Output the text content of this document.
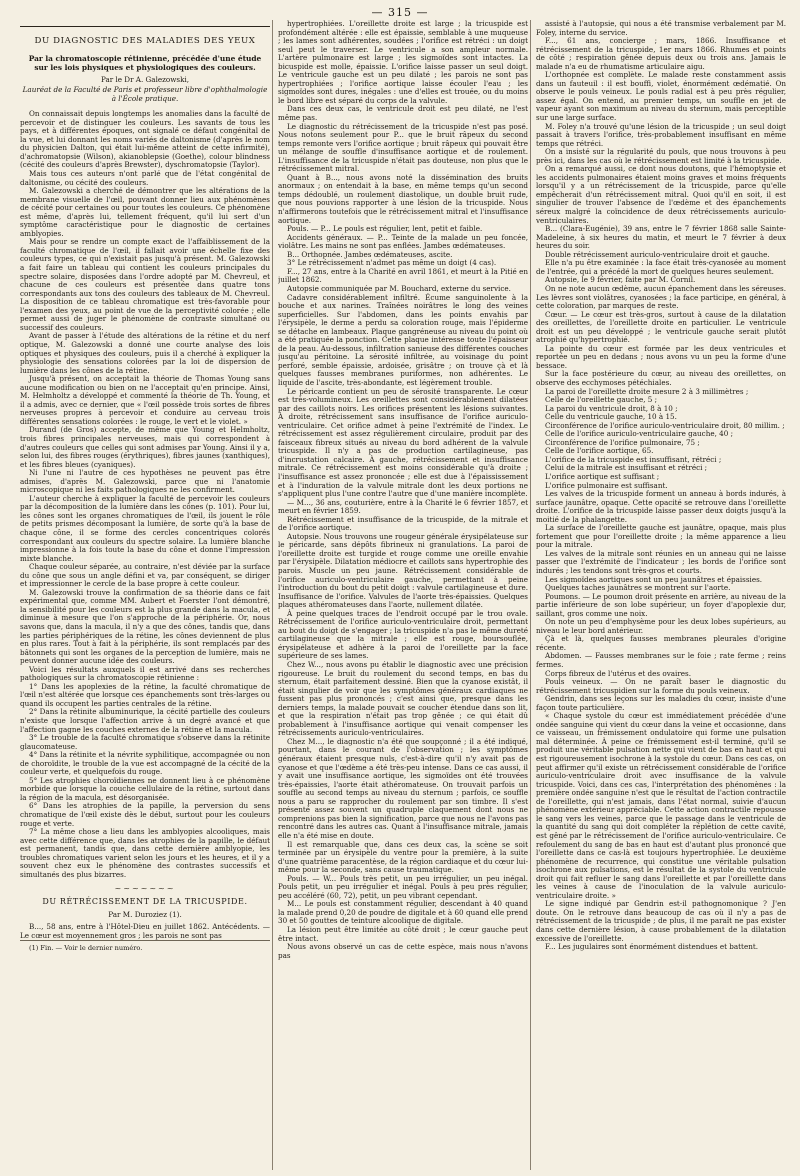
— 315 —
DU DIAGNOSTIC DES MALADIES DES YEUX
Par la chromatoscopie rétinienne, précédée d'une étude sur les lois physiques et physiologiques des couleurs.
Par le Dr A. Galezowski,
Lauréat de la Faculté de Paris et professeur libre d'ophthalmologie à l'École pratique.

On connaissait depuis longtemps les anomalies dans la faculté de percevoir et de distinguer les couleurs. Les savants de tous les pays, et à différentes époques, ont signalé ce défaut congénital de la vue, et lui donnant les noms variés de daltonisme (d'après le nom du physicien Dalton, qui était lui-même atteint de cette infirmité), d'achromatopsie (Wilson), akianoblepsie (Goethe), colour blindness (cécité des couleurs d'après Brewster), dyschromatopsie (Taylor).

Mais tous ces auteurs n'ont parlé que de l'état congénital de daltonisme, ou cécité des couleurs.

M. Galezowski a cherché de démontrer que les altérations de la membrane visuelle de l'œil, pouvant donner lieu aux phénomènes de cécité pour certaines ou pour toutes les couleurs. Ce phénomène est même, d'après lui, tellement fréquent, qu'il lui sert d'un symptôme caractéristique pour le diagnostic de certaines amblyopies.

Mais pour se rendre un compte exact de l'affaiblissement de la faculté chromatique de l'œil, il fallait avoir une échelle fixe des couleurs types, ce qui n'existait pas jusqu'à présent. M. Galezowski a fait faire un tableau qui contient les couleurs principales du spectre solaire, disposées dans l'ordre adopté par M. Chevreul, et chacune de ces couleurs est présentée dans quatre tons correspondants aux tons des couleurs des tableaux de M. Chevreul. La disposition de ce tableau chromatique est très-favorable pour l'examen des yeux, au point de vue de la perceptivité colorée ; elle permet aussi de juger le phénomène de contraste simultané ou successif des couleurs.

Avant de passer à l'étude des altérations de la rétine et du nerf optique, M. Galezowski a donné une courte analyse des lois optiques et physiques des couleurs, puis il a cherché à expliquer la physiologie des sensations colorées par la loi de dispersion de lumière dans les cônes de la rétine.

Jusqu'à présent, on acceptait la théorie de Thomas Young sans aucune modification ou bien on ne l'acceptait qu'en principe. Ainsi, M. Helmholtz a développé et commenté la théorie de Th. Young, et il a admis, avec ce dernier, que « l'œil possède trois sortes de fibres nerveuses propres à percevoir et conduire au cerveau trois différentes sensations colorées : le rouge, le vert et le violet. »

Durand (de Gros) accepte, de même que Young et Helmholtz, trois fibres principales nerveuses, mais qui correspondent à d'autres couleurs que celles qui sont admises par Young. Ainsi il y a, selon lui, des fibres rouges (érythriques), fibres jaunes (xanthiques), et les fibres bleues (cyaniques).

Ni l'une ni l'autre de ces hypothèses ne peuvent pas être admises, d'après M. Galezowski, parce que ni l'anatomie microscopique ni les faits pathologiques ne les confirment.

L'auteur cherche à expliquer la faculté de percevoir les couleurs par la décomposition de la lumière dans les cônes (p. 101). Pour lui, les cônes sont les organes chromatiques de l'œil, ils jouent le rôle de petits prismes décomposant la lumière, de sorte qu'à la base de chaque cône, il se forme des cercles concentriques colorés correspondant aux couleurs du spectre solaire. La lumière blanche impressionne à la fois toute la base du cône et donne l'impression mixte blanche.

Chaque couleur séparée, au contraire, n'est déviée par la surface du cône que sous un angle défini et va, par conséquent, se diriger et impressionner le cercle de la base propre à cette couleur.

M. Galezowski trouve la confirmation de sa théorie dans ce fait expérimental que, comme MM. Aubert et Foerster l'ont démontré, la sensibilité pour les couleurs est la plus grande dans la macula, et diminue à mesure que l'on s'approche de la périphérie. Or, nous savons que, dans la macula, il n'y a que des cônes, tandis que, dans les parties périphériques de la rétine, les cônes deviennent de plus en plus rares. Tout à fait à la périphérie, ils sont remplacés par des bâtonnets qui sont les organes de la perception de lumière, mais ne peuvent donner aucune idée des couleurs.

Voici les résultats auxquels il est arrivé dans ses recherches pathologiques sur la chromatoscopie rétinienne :

1° Dans les apoplexies de la rétine, la faculté chromatique de l'œil n'est altérée que lorsque ces épanchements sont très-larges ou quand ils occupent les parties centrales de la rétine.

2° Dans la rétinite albuminurique, la cécité partielle des couleurs n'existe que lorsque l'affection arrive à un degré avancé et que l'affection gagne les couches externes de la rétine et la macula.

3° Le trouble de la faculté chromatique s'observe dans la rétinite glaucomateuse.

4° Dans la rétinite et la névrite syphilitique, accompagnée ou non de choroïdite, le trouble de la vue est accompagné de la cécité de la couleur verte, et quelquefois du rouge.

5° Les atrophies choroïdiennes ne donnent lieu à ce phénomène morbide que lorsque la couche cellulaire de la rétine, surtout dans la région de la macula, est désorganisée.

6° Dans les atrophies de la papille, la perversion du sens chromatique de l'œil existe dès le début, surtout pour les couleurs rouge et verte.

7° La même chose a lieu dans les amblyopies alcooliques, mais avec cette différence que, dans les atrophies de la papille, le défaut est permanent, tandis que, dans cette dernière amblyopie, les troubles chromatiques varient selon les jours et les heures, et il y a souvent chez eux le phénomène des contrastes successifs et simultanés des plus bizarres.

~~~~~~~
DU RÉTRÉCISSEMENT DE LA TRICUSPIDE.
Par M. Duroziez (1).

B..., 58 ans, entre à l'Hôtel-Dieu en juillet 1862. Antécédents. — Le cœur est moyennement gros ; les parois ne sont pas

(1) Fin. — Voir le dernier numéro.

hypertrophiées. L'oreillette droite est large ; la tricuspide est profondément altérée : elle est épaissie, semblable à une muqueuse ; les lames sont adhérentes, soudées ; l'orifice est rétréci : un doigt seul peut le traverser. Le ventricule a son ampleur normale. L'artère pulmonaire est large ; les sigmoïdes sont intactes. La bicuspide est molle, épaissie. L'orifice laisse passer un seul doigt. Le ventricule gauche est un peu dilaté ; les parois ne sont pas hypertrophiées ; l'orifice aortique laisse écouler l'eau ; les sigmoïdes sont dures, inégales : une d'elles est trouée, ou du moins le bord libre est séparé du corps de la valvule.

Dans ces deux cas, le ventricule droit est peu dilaté, ne l'est même pas.

Le diagnostic du rétrécissement de la tricuspide n'est pas posé. Nous notons seulement pour P... que le bruit râpeux du second temps remonte vers l'orifice aortique ; bruit râpeux qui pouvait être un mélange de souffle d'insuffisance aortique et de roulement. L'insuffisance de la tricuspide n'était pas douteuse, non plus que le rétrécissement mitral.

Quant à B..., nous avons noté la dissémination des bruits anormaux ; on entendait à la base, en même temps qu'un second temps dédoublé, un roulement diastolique, un double bruit rude, que nous pouvions rapporter à une lésion de la tricuspide. Nous n'affirmerons toutefois que le rétrécissement mitral et l'insuffisance aortique.

Pouls. — P... Le pouls est régulier, lent, petit et faible.

Accidents généraux. — P... Teinte de la malade un peu foncée, violâtre. Les mains ne sont pas enflées. Jambes œdémateuses.

B... Orthopnée. Jambes œdémateuses, ascite.

3° Le rétrécissement n'admet pas même un doigt (4 cas).

F..., 27 ans, entre à la Charité en avril 1861, et meurt à la Pitié en juillet 1862.

Autopsie communiquée par M. Bouchard, externe du service.

Cadavre considérablement infiltré. Écume sanguinolente à la bouche et aux narines. Traînées noirâtres le long des veines superficielles. Sur l'abdomen, dans les points envahis par l'érysipèle, le derme a perdu sa coloration rouge, mais l'épiderme se détache en lambeaux. Plaque gangréneuse au niveau du point où a été pratiquée la ponction. Cette plaque intéresse toute l'épaisseur de la peau. Au-dessous, infiltration sanieuse des différentes couches jusqu'au péritoine. La sérosité infiltrée, au voisinage du point perforé, semble épaissie, ardoisée, grisâtre ; on trouve çà et là quelques fausses membranes puriformes, non adhérentes. Le liquide de l'ascite, très-abondante, est légèrement trouble.

Le péricarde contient un peu de sérosité transparente. Le cœur est très-volumineux. Les oreillettes sont considérablement dilatées par des caillots noirs. Les orifices présentent les lésions suivantes. À droite, rétrécissement sans insuffisance de l'orifice auriculo-ventriculaire. Cet orifice admet à peine l'extrémité de l'index. Le rétrécissement est assez régulièrement circulaire, produit par des faisceaux fibreux situés au niveau du bord adhérent de la valvule tricuspide. Il n'y a pas de production cartilagineuse, pas d'incrustation calcaire. À gauche, rétrécissement et insuffisance mitrale. Ce rétrécissement est moins considérable qu'à droite ; l'insuffisance est assez prononcée ; elle est due à l'épaississement et à l'induration de la valvule mitrale dont les deux portions ne s'appliquent plus l'une contre l'autre que d'une manière incomplète.

— M..., 36 ans, couturière, entre à la Charité le 6 février 1857, et meurt en février 1859.

Rétrécissement et insuffisance de la tricuspide, de la mitrale et de l'orifice aortique.

Autopsie. Nous trouvons une rougeur générale érysipélateuse sur le péricarde, sans dépôts fibrineux ni granulations. La paroi de l'oreillette droite est turgide et rouge comme une oreille envahie par l'érysipèle. Dilatation médiocre et caillots sans hypertrophie des parois. Muscle un peu jaune. Rétrécissement considérable de l'orifice auriculo-ventriculaire gauche, permettant à peine l'introduction du bout du petit doigt : valvule cartilagineuse et dure. Insuffisance de l'orifice. Valvules de l'aorte très-épaissies. Quelques plaques athéromateuses dans l'aorte, nullement dilatée.

À peine quelques traces de l'endroit occupé par le trou ovale. Rétrécissement de l'orifice auriculo-ventriculaire droit, permettant au bout du doigt de s'engager ; la tricuspide n'a pas le même dureté cartilagineuse que la mitrale ; elle est rouge, boursouflée, érysipélateuse et adhère à la paroi de l'oreillette par la face supérieure de ses lames.

Chez W..., nous avons pu établir le diagnostic avec une précision rigoureuse. Le bruit du roulement du second temps, en bas du sternum, était parfaitement dessiné. Bien que la cyanose existât, il était singulier de voir que les symptômes généraux cardiaques ne fussent pas plus prononcés ; c'est ainsi que, presque dans les derniers temps, la malade pouvait se coucher étendue dans son lit, et que la respiration n'était pas trop gênée ; ce qui était dû probablement à l'insuffisance aortique qui venait compenser les rétrécissements auriculo-ventriculaires.

Chez M..., le diagnostic n'a été que soupçonné ; il a été indiqué, pourtant, dans le courant de l'observation ; les symptômes généraux étaient presque nuls, c'est-à-dire qu'il n'y avait pas de cyanose et que l'œdème a été très-peu intense. Dans ce cas aussi, il y avait une insuffisance aortique, les sigmoïdes ont été trouvées très-épaissies, l'aorte était athéromateuse. On trouvait parfois un souffle au second temps au niveau du sternum ; parfois, ce souffle nous a paru se rapprocher du roulement par son timbre. Il s'est présenté assez souvent un quadruple claquement dont nous ne comprenions pas bien la signification, parce que nous ne l'avons pas rencontré dans les autres cas. Quant à l'insuffisance mitrale, jamais elle n'a été mise en doute.

Il est remarquable que, dans ces deux cas, la scène se soit terminée par un érysipèle du ventre pour la première, à la suite d'une quatrième paracentèse, de la région cardiaque et du cœur lui-même pour la seconde, sans cause traumatique.

Pouls. — W... Pouls très petit, un peu irrégulier, un peu inégal. Pouls petit, un peu irrégulier et inégal. Pouls à peu près régulier, peu accéléré (60, 72), petit, un peu vibrant cependant.

M... Le pouls est constamment régulier, descendant à 40 quand la malade prend 0,20 de poudre de digitale et à 60 quand elle prend 30 et 50 gouttes de teinture alcoolique de digitale.

La lésion peut être limitée au côté droit ; le cœur gauche peut être intact.

Nous avons observé un cas de cette espèce, mais nous n'avons pas

assisté à l'autopsie, qui nous a été transmise verbalement par M. Foley, interne du service.

F..., 61 ans, concierge ; mars, 1866. Insuffisance et rétrécissement de la tricuspide, 1er mars 1866. Rhumes et points de côté ; respiration gênée depuis deux ou trois ans. Jamais le malade n'a eu de rhumatisme articulaire aigu.

L'orthopnée est complète. Le malade reste constamment assis dans un fauteuil : il est bouffi, violet, énormément œdématié. On observe le pouls veineux. Le pouls radial est à peu près régulier, assez égal. On entend, au premier temps, un souffle en jet de vapeur ayant son maximum au niveau du sternum, mais perceptible sur une large surface.

M. Foley n'a trouvé qu'une lésion de la tricuspide ; un seul doigt passait à travers l'orifice, très-probablement insuffisant en même temps que rétréci.

On a insisté sur la régularité du pouls, que nous trouvons à peu près ici, dans les cas où le rétrécissement est limité à la tricuspide.

On a remarqué aussi, ce dont nous doutons, que l'hémoptysie et les accidents pulmonaires étaient moins graves et moins fréquents lorsqu'il y a un rétrécissement de la tricuspide, parce qu'elle empêcherait d'un rétrécissement mitral. Quoi qu'il en soit, il est singulier de trouver l'absence de l'œdème et des épanchements séreux malgré la coïncidence de deux rétrécissements auriculo-ventriculaires.

B... (Clara-Eugénie), 39 ans, entre le 7 février 1868 salle Sainte-Madeleine, à six heures du matin, et meurt le 7 février à deux heures du soir.

Double rétrécissement auriculo-ventriculaire droit et gauche.

Elle n'a pu être examinée : la face était très-cyanosée au moment de l'entrée, qui a précédé la mort de quelques heures seulement.

Autopsie, le 9 février, faite par M. Cornil.

On ne note aucun œdème, aucun épanchement dans les séreuses. Les lèvres sont violâtres, cyanosées ; la face participe, en général, à cette coloration, par marques de reste.

Cœur. — Le cœur est très-gros, surtout à cause de la dilatation des oreillettes, de l'oreillette droite en particulier. Le ventricule droit est un peu développé ; le ventricule gauche serait plutôt atrophié qu'hypertrophié.

La pointe du cœur est formée par les deux ventricules et reportée un peu en dedans ; nous avons vu un peu la forme d'une bessace.

Sur la face postérieure du cœur, au niveau des oreillettes, on observe des ecchymoses pétéchiales.

La paroi de l'oreillette droite mesure 2 à 3 millimètres ;

Celle de l'oreillette gauche, 5 ;

La paroi du ventricule droit, 8 à 10 ;

Celle du ventricule gauche, 10 à 15.

Circonférence de l'orifice auriculo-ventriculaire droit, 80 millim. ;

Celle de l'orifice auriculo-ventriculaire gauche, 40 ;

Circonférence de l'orifice pulmonaire, 75 ;

Celle de l'orifice aortique, 65.

L'orifice de la tricuspide est insuffisant, rétréci ;

Celui de la mitrale est insuffisant et rétréci ;

L'orifice aortique est suffisant ;

L'orifice pulmonaire est suffisant.

Les valves de la tricuspide forment un anneau à bords indurés, à surface jaunâtre, opaque. Cette opacité se retrouve dans l'oreillette droite. L'orifice de la tricuspide laisse passer deux doigts jusqu'à la moitié de la phalangette.

La surface de l'oreillette gauche est jaunâtre, opaque, mais plus fortement que pour l'oreillette droite ; la même apparence a lieu pour la mitrale.

Les valves de la mitrale sont réunies en un anneau qui ne laisse passer que l'extrémité de l'indicateur ; les bords de l'orifice sont indurés ; les tendons sont très-gros et courts.

Les sigmoïdes aortiques sont un peu jaunâtres et épaissies.

Quelques taches jaunâtres se montrent sur l'aorte.

Poumons. — Le poumon droit présente en arrière, au niveau de la partie inférieure de son lobe supérieur, un foyer d'apoplexie dur, saillant, gros comme une noix.

On note un peu d'emphysème pour les deux lobes supérieurs, au niveau le leur bord antérieur.

Çà et là, quelques fausses membranes pleurales d'origine récente.

Abdomen. — Fausses membranes sur le foie ; rate ferme ; reins fermes.

Corps fibreux de l'utérus et des ovaires.

Pouls veineux. — On ne paraît baser le diagnostic du rétrécissement tricuspidien sur la forme du pouls veineux.

Gendrin, dans ses leçons sur les maladies du cœur, insiste d'une façon toute particulière.

« Chaque systole du cœur est immédiatement précédée d'une ondée sanguine qui vient du cœur dans la veine et occasionne, dans ce vaisseau, un frémissement ondulatoire qui forme une pulsation mal déterminée. À peine ce frémissement est-il terminé, qu'il se produit une véritable pulsation nette qui vient de bas en haut et qui est rigoureusement isochrone à la systole du cœur. Dans ces cas, on peut affirmer qu'il existe un rétrécissement considérable de l'orifice auriculo-ventriculaire droit avec insuffisance de la valvule tricuspide. Voici, dans ces cas, l'interprétation des phénomènes : la première ondée sanguine n'est que le résultat de l'action contractile de l'oreillette, qui n'est jamais, dans l'état normal, suivie d'aucun phénomène extérieur appréciable. Cette action contractile repousse le sang vers les veines, parce que le passage dans le ventricule de la quantité du sang qui doit compléter la réplétion de cette cavité, est gêné par le rétrécissement de l'orifice auriculo-ventriculaire. Ce refoulement du sang de bas en haut est d'autant plus prononcé que l'oreillette dans ce cas-là est toujours hypertrophiée. Le deuxième phénomène de recurrence, qui constitue une véritable pulsation isochrone aux pulsations, est le résultat de la systole du ventricule droit qui fait refluer le sang dans l'oreillette et par l'oreillette dans les veines à cause de l'inoculation de la valvule auriculo-ventriculaire droite. »

Le signe indiqué par Gendrin est-il pathognomonique ? J'en doute. On le retrouve dans beaucoup de cas où il n'y a pas de rétrécissement de la tricuspide ; de plus, il me paraît ne pas exister dans cette dernière lésion, à cause probablement de la dilatation excessive de l'oreillette.

F... Les jugulaires sont énormément distendues et battent.
